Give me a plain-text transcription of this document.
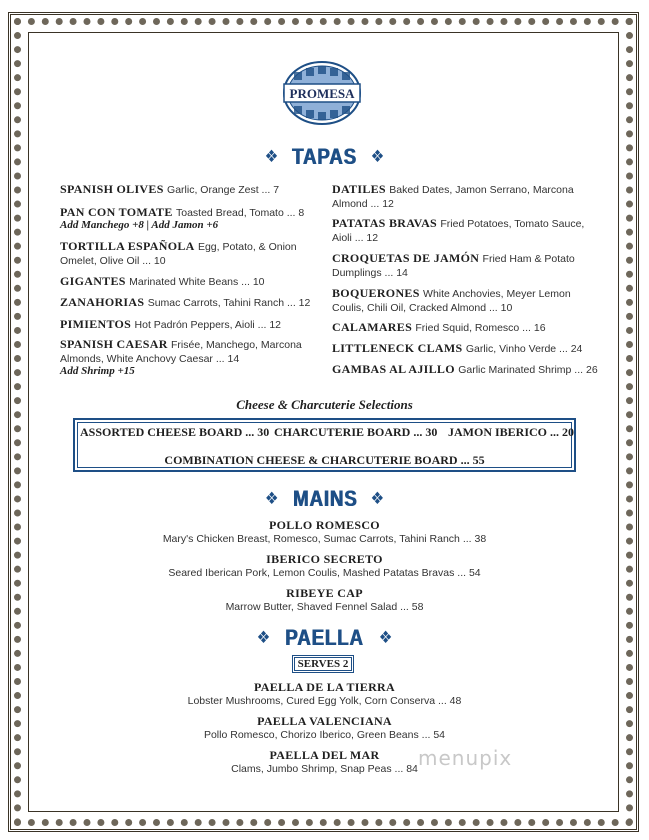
PROMESA
❖ TAPAS ❖
SPANISH OLIVES Garlic, Orange Zest ... 7
PAN CON TOMATE Toasted Bread, Tomato ... 8
Add Manchego +8 | Add Jamon +6
TORTILLA ESPAÑOLA Egg, Potato, & Onion
Omelet, Olive Oil ... 10
GIGANTES Marinated White Beans ... 10
ZANAHORIAS Sumac Carrots, Tahini Ranch ... 12
PIMIENTOS Hot Padrón Peppers, Aioli ... 12
SPANISH CAESAR Frisée, Manchego, Marcona
Almonds, White Anchovy Caesar ... 14
Add Shrimp +15
DATILES Baked Dates, Jamon Serrano, Marcona
Almond ... 12
PATATAS BRAVAS Fried Potatoes, Tomato Sauce,
Aioli ... 12
CROQUETAS DE JAMÓN Fried Ham & Potato
Dumplings ... 14
BOQUERONES White Anchovies, Meyer Lemon
Coulis, Chili Oil, Cracked Almond ... 10
CALAMARES Fried Squid, Romesco ... 16
LITTLENECK CLAMS Garlic, Vinho Verde ... 24
GAMBAS AL AJILLO Garlic Marinated Shrimp ... 26
Cheese & Charcuterie Selections
ASSORTED CHEESE BOARD ... 30 CHARCUTERIE BOARD ... 30 JAMON IBERICO ... 20
COMBINATION CHEESE & CHARCUTERIE BOARD ... 55
❖ MAINS ❖
POLLO ROMESCO
Mary's Chicken Breast, Romesco, Sumac Carrots, Tahini Ranch ... 38
IBERICO SECRETO
Seared Iberican Pork, Lemon Coulis, Mashed Patatas Bravas ... 54
RIBEYE CAP
Marrow Butter, Shaved Fennel Salad ... 58
❖ PAELLA ❖
SERVES 2
PAELLA DE LA TIERRA
Lobster Mushrooms, Cured Egg Yolk, Corn Conserva ... 48
PAELLA VALENCIANA
Pollo Romesco, Chorizo Iberico, Green Beans ... 54
PAELLA DEL MAR
Clams, Jumbo Shrimp, Snap Peas ... 84 menupix
